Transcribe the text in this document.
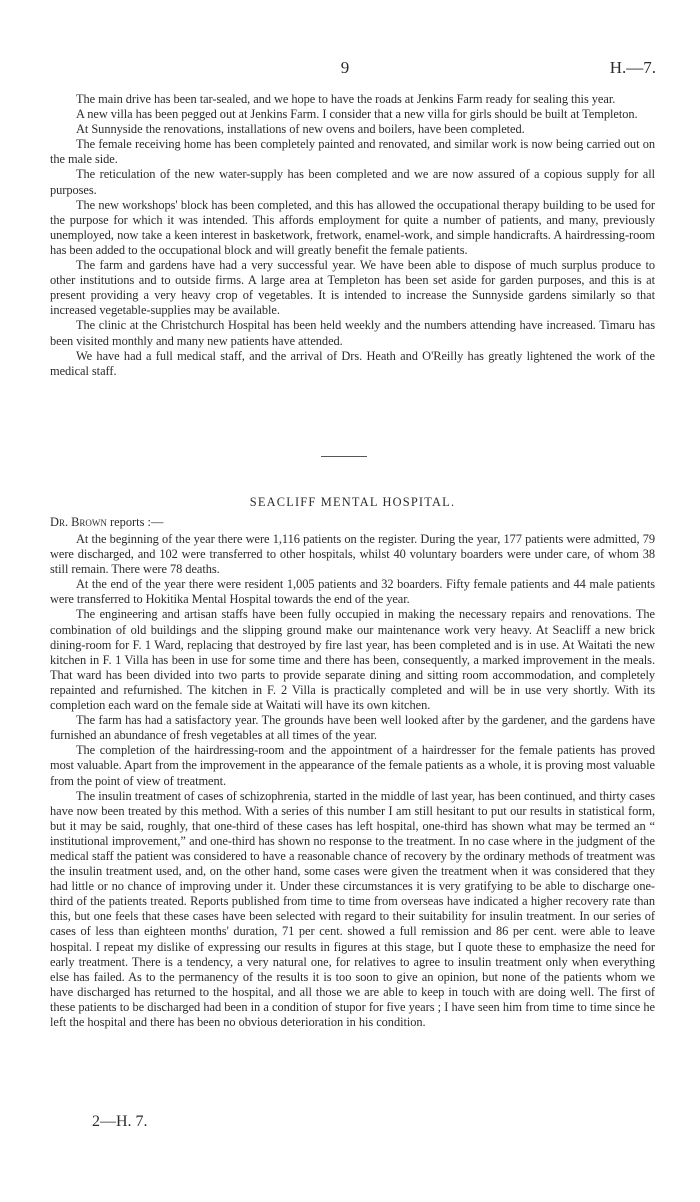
9	H.—7.

The main drive has been tar-sealed, and we hope to have the roads at Jenkins Farm ready for sealing this year.

A new villa has been pegged out at Jenkins Farm. I consider that a new villa for girls should be built at Templeton.

At Sunnyside the renovations, installations of new ovens and boilers, have been completed.

The female receiving home has been completely painted and renovated, and similar work is now being carried out on the male side.

The reticulation of the new water-supply has been completed and we are now assured of a copious supply for all purposes.

The new workshops' block has been completed, and this has allowed the occupational therapy building to be used for the purpose for which it was intended. This affords employment for quite a number of patients, and many, previously unemployed, now take a keen interest in basketwork, fretwork, enamel-work, and simple handicrafts. A hairdressing-room has been added to the occupational block and will greatly benefit the female patients.

The farm and gardens have had a very successful year. We have been able to dispose of much surplus produce to other institutions and to outside firms. A large area at Templeton has been set aside for garden purposes, and this is at present providing a very heavy crop of vegetables. It is intended to increase the Sunnyside gardens similarly so that increased vegetable-supplies may be available.

The clinic at the Christchurch Hospital has been held weekly and the numbers attending have increased. Timaru has been visited monthly and many new patients have attended.

We have had a full medical staff, and the arrival of Drs. Heath and O'Reilly has greatly lightened the work of the medical staff.

SEACLIFF MENTAL HOSPITAL.
Dr. Brown reports :—

At the beginning of the year there were 1,116 patients on the register. During the year, 177 patients were admitted, 79 were discharged, and 102 were transferred to other hospitals, whilst 40 voluntary boarders were under care, of whom 38 still remain. There were 78 deaths.

At the end of the year there were resident 1,005 patients and 32 boarders. Fifty female patients and 44 male patients were transferred to Hokitika Mental Hospital towards the end of the year.

The engineering and artisan staffs have been fully occupied in making the necessary repairs and renovations. The combination of old buildings and the slipping ground make our maintenance work very heavy. At Seacliff a new brick dining-room for F. 1 Ward, replacing that destroyed by fire last year, has been completed and is in use. At Waitati the new kitchen in F. 1 Villa has been in use for some time and there has been, consequently, a marked improvement in the meals. That ward has been divided into two parts to provide separate dining and sitting room accommodation, and completely repainted and refurnished. The kitchen in F. 2 Villa is practically completed and will be in use very shortly. With its completion each ward on the female side at Waitati will have its own kitchen.

The farm has had a satisfactory year. The grounds have been well looked after by the gardener, and the gardens have furnished an abundance of fresh vegetables at all times of the year.

The completion of the hairdressing-room and the appointment of a hairdresser for the female patients has proved most valuable. Apart from the improvement in the appearance of the female patients as a whole, it is proving most valuable from the point of view of treatment.

The insulin treatment of cases of schizophrenia, started in the middle of last year, has been continued, and thirty cases have now been treated by this method. With a series of this number I am still hesitant to put our results in statistical form, but it may be said, roughly, that one-third of these cases has left hospital, one-third has shown what may be termed an “ institutional improvement,” and one-third has shown no response to the treatment. In no case where in the judgment of the medical staff the patient was considered to have a reasonable chance of recovery by the ordinary methods of treatment was the insulin treatment used, and, on the other hand, some cases were given the treatment when it was considered that they had little or no chance of improving under it. Under these circumstances it is very gratifying to be able to discharge one-third of the patients treated. Reports published from time to time from overseas have indicated a higher recovery rate than this, but one feels that these cases have been selected with regard to their suitability for insulin treatment. In our series of cases of less than eighteen months' duration, 71 per cent. showed a full remission and 86 per cent. were able to leave hospital. I repeat my dislike of expressing our results in figures at this stage, but I quote these to emphasize the need for early treatment. There is a tendency, a very natural one, for relatives to agree to insulin treatment only when everything else has failed. As to the permanency of the results it is too soon to give an opinion, but none of the patients whom we have discharged has returned to the hospital, and all those we are able to keep in touch with are doing well. The first of these patients to be discharged had been in a condition of stupor for five years ; I have seen him from time to time since he left the hospital and there has been no obvious deterioration in his condition.

2—H. 7.
